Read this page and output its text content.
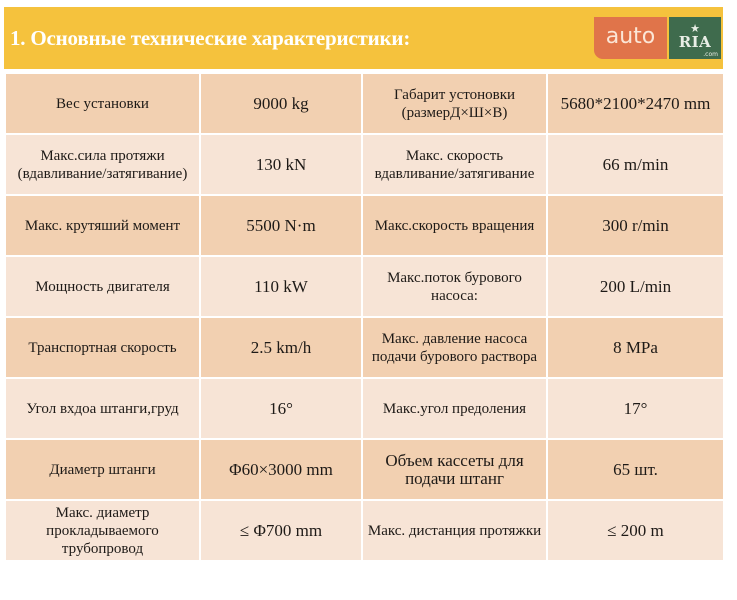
1. Основные технические характеристики:	auto	★
RIA
.com
Вес установки	9000 kg	Габарит устоновки (размерД×Ш×В)	5680*2100*2470 mm
Макс.сила протяжи (вдавливание/затягивание)	130 kN	Макс. скорость вдавливание/затягивание	66 m/min
Макс. крутяший момент	5500 N·m	Макс.скорость вращения	300 r/min
Мощность двигателя	110 kW	Макс.поток бурового насоса:	200 L/min
Транспортная скорость	2.5 km/h	Макс. давление насоса подачи бурового раствора	8 MPa
Угол вхдоа штанги,груд	16°	Макс.угол предоления	17°
Диаметр штанги	Φ60×3000 mm	Объем кассеты для подачи штанг	65 шт.
Макс. диаметр прокладываемого трубопровод	≤ Φ700 mm	Макс. дистанция протяжки	≤ 200 m
